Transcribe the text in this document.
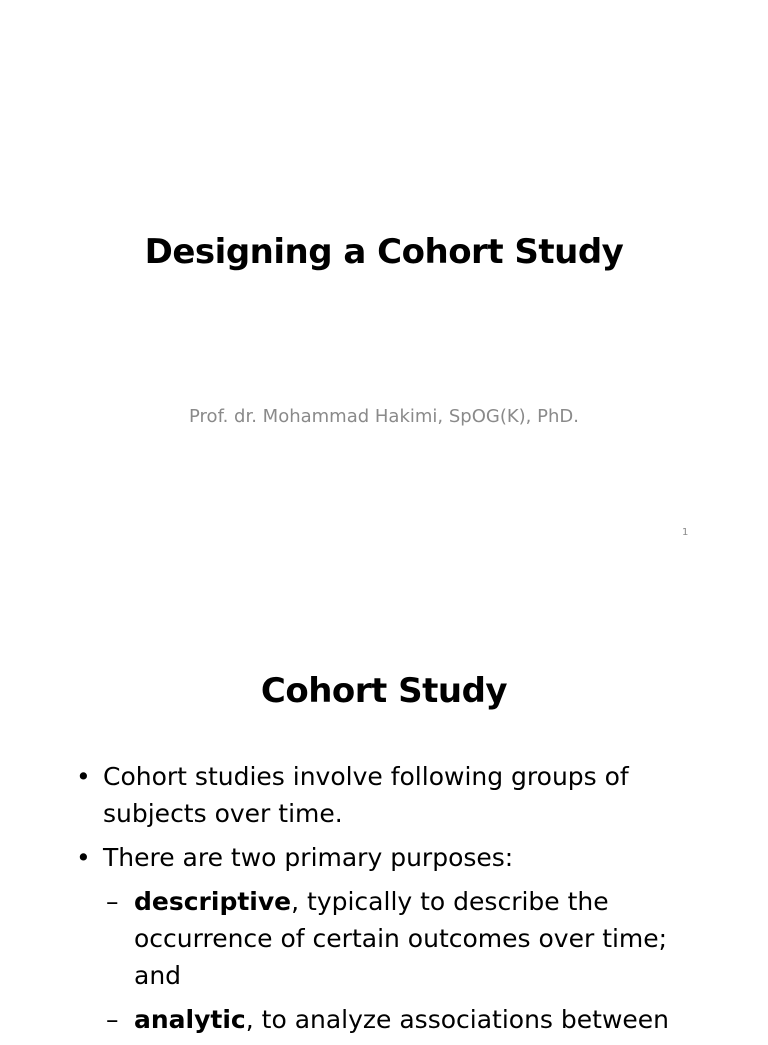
Designing a Cohort Study
Prof. dr. Mohammad Hakimi, SpOG(K), PhD.
1
Cohort Study
• Cohort studies involve following groups of subjects over time.
• There are two primary purposes:
– descriptive, typically to describe the occurrence of certain outcomes over time; and
– analytic, to analyze associations between
